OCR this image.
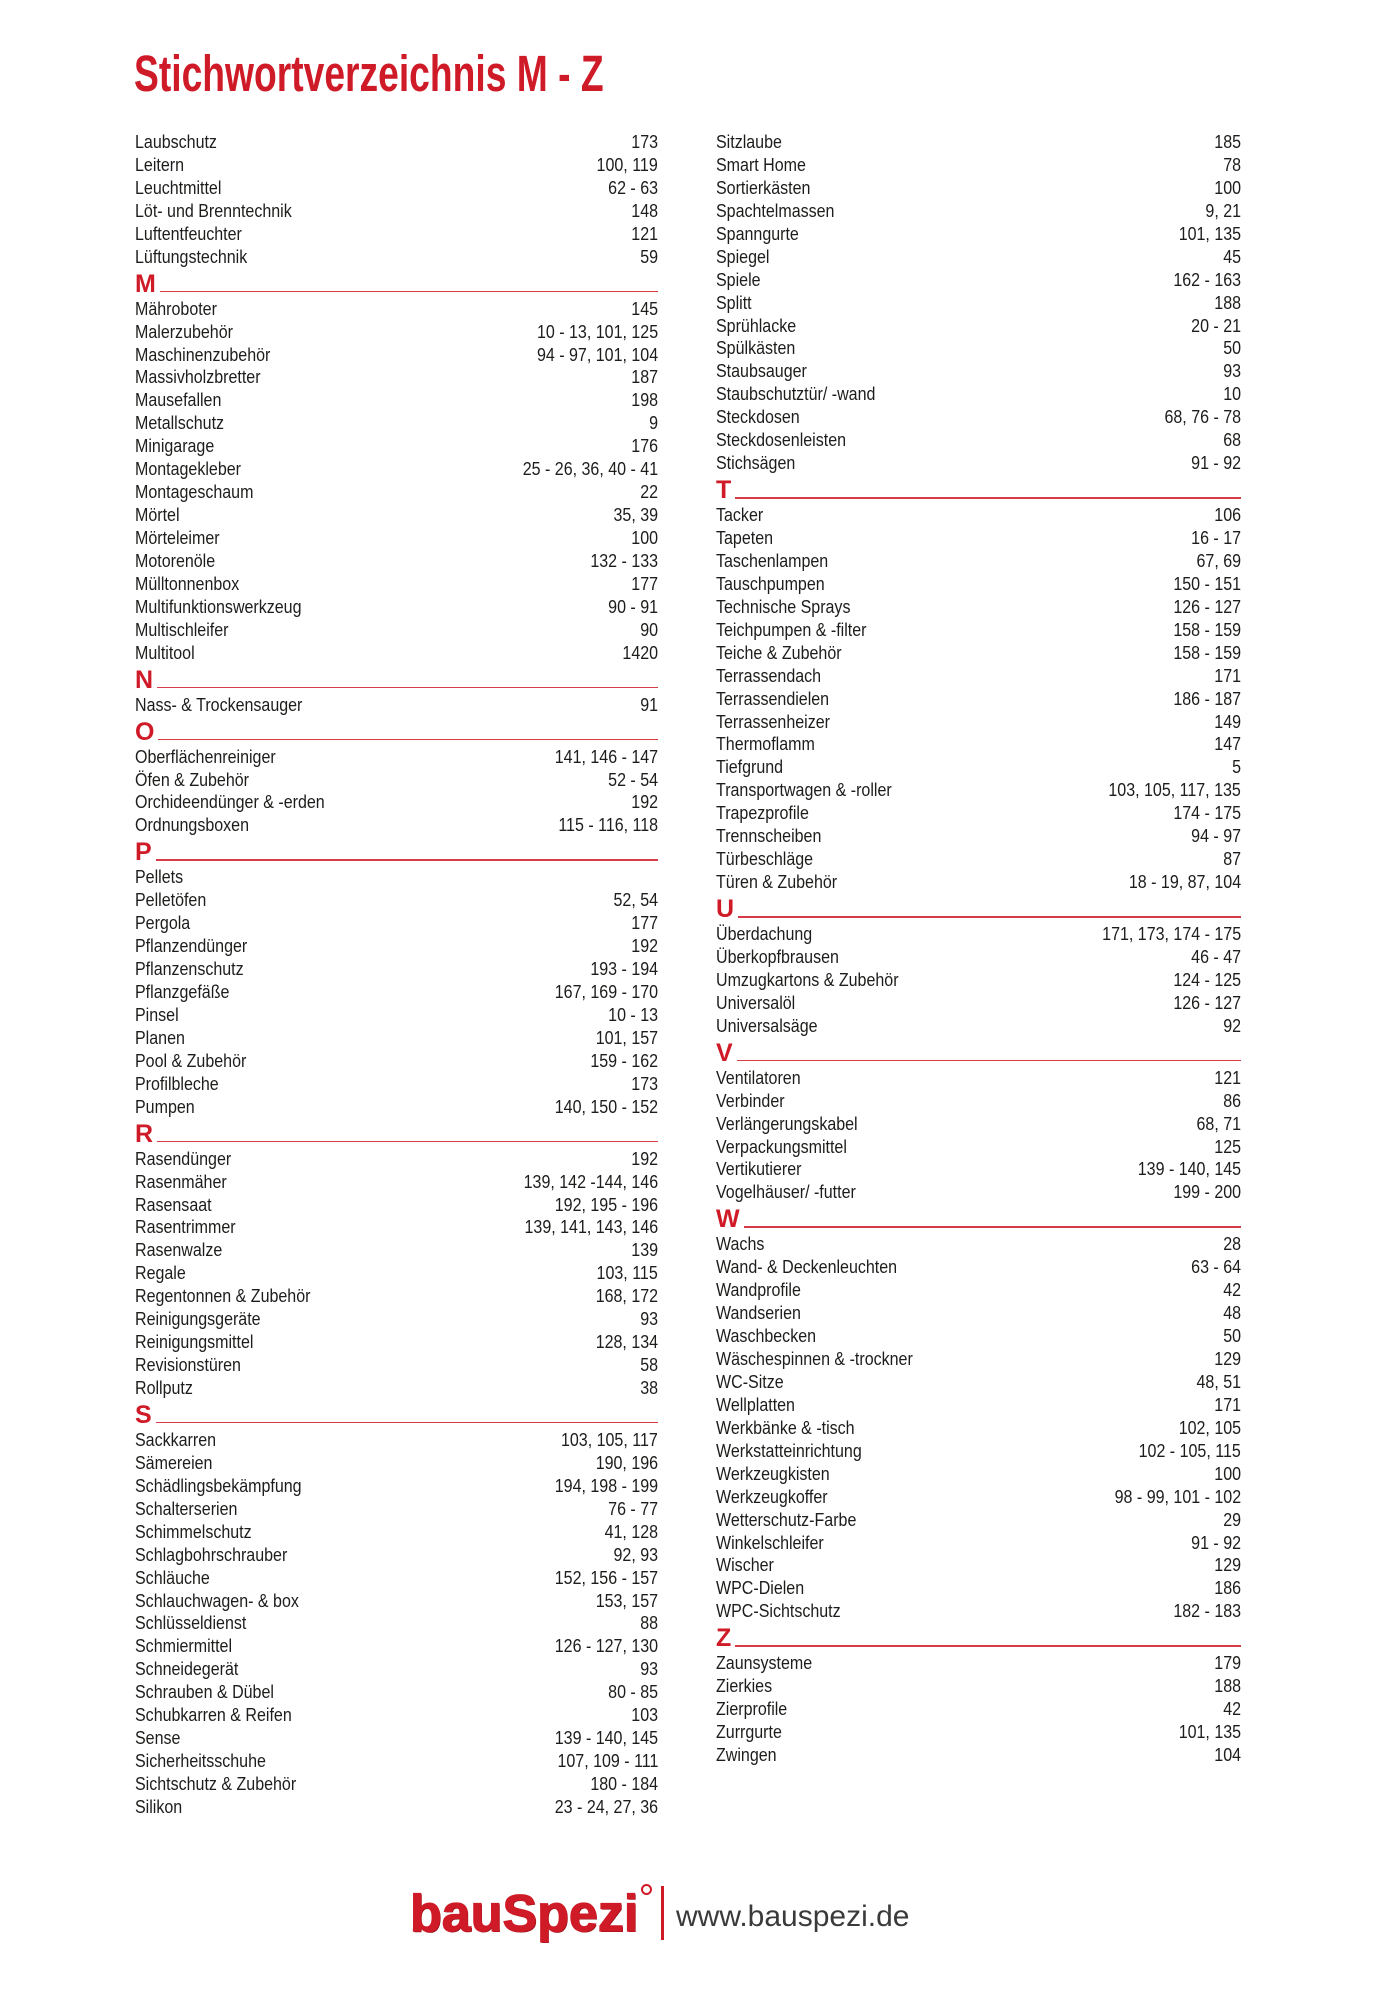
Stichwortverzeichnis M - Z
Laubschutz	173
Leitern	100, 119
Leuchtmittel	62 - 63
Löt- und Brenntechnik	148
Luftentfeuchter	121
Lüftungstechnik	59
M
Mähroboter	145
Malerzubehör	10 - 13, 101, 125
Maschinenzubehör	94 - 97, 101, 104
Massivholzbretter	187
Mausefallen	198
Metallschutz	9
Minigarage	176
Montagekleber	25 - 26, 36, 40 - 41
Montageschaum	22
Mörtel	35, 39
Mörteleimer	100
Motorenöle	132 - 133
Mülltonnenbox	177
Multifunktionswerkzeug	90 - 91
Multischleifer	90
Multitool	1420
N
Nass- & Trockensauger	91
O
Oberflächenreiniger	141, 146 - 147
Öfen & Zubehör	52 - 54
Orchideendünger & -erden	192
Ordnungsboxen	115 - 116, 118
P
Pellets
Pelletöfen	52, 54
Pergola	177
Pflanzendünger	192
Pflanzenschutz	193 - 194
Pflanzgefäße	167, 169 - 170
Pinsel	10 - 13
Planen	101, 157
Pool & Zubehör	159 - 162
Profilbleche	173
Pumpen	140, 150 - 152
R
Rasendünger	192
Rasenmäher	139, 142 -144, 146
Rasensaat	192, 195 - 196
Rasentrimmer	139, 141, 143, 146
Rasenwalze	139
Regale	103, 115
Regentonnen & Zubehör	168, 172
Reinigungsgeräte	93
Reinigungsmittel	128, 134
Revisionstüren	58
Rollputz	38
S
Sackkarren	103, 105, 117
Sämereien	190, 196
Schädlingsbekämpfung	194, 198 - 199
Schalterserien	76 - 77
Schimmelschutz	41, 128
Schlagbohrschrauber	92, 93
Schläuche	152, 156 - 157
Schlauchwagen- & box	153, 157
Schlüsseldienst	88
Schmiermittel	126 - 127, 130
Schneidegerät	93
Schrauben & Dübel	80 - 85
Schubkarren & Reifen	103
Sense	139 - 140, 145
Sicherheitsschuhe	107, 109 - 111
Sichtschutz & Zubehör	180 - 184
Silikon	23 - 24, 27, 36
Sitzlaube	185
Smart Home	78
Sortierkästen	100
Spachtelmassen	9, 21
Spanngurte	101, 135
Spiegel	45
Spiele	162 - 163
Splitt	188
Sprühlacke	20 - 21
Spülkästen	50
Staubsauger	93
Staubschutztür/ -wand	10
Steckdosen	68, 76 - 78
Steckdosenleisten	68
Stichsägen	91 - 92
T
Tacker	106
Tapeten	16 - 17
Taschenlampen	67, 69
Tauschpumpen	150 - 151
Technische Sprays	126 - 127
Teichpumpen & -filter	158 - 159
Teiche & Zubehör	158 - 159
Terrassendach	171
Terrassendielen	186 - 187
Terrassenheizer	149
Thermoflamm	147
Tiefgrund	5
Transportwagen & -roller	103, 105, 117, 135
Trapezprofile	174 - 175
Trennscheiben	94 - 97
Türbeschläge	87
Türen & Zubehör	18 - 19, 87, 104
U
Überdachung	171, 173, 174 - 175
Überkopfbrausen	46 - 47
Umzugkartons & Zubehör	124 - 125
Universalöl	126 - 127
Universalsäge	92
V
Ventilatoren	121
Verbinder	86
Verlängerungskabel	68, 71
Verpackungsmittel	125
Vertikutierer	139 - 140, 145
Vogelhäuser/ -futter	199 - 200
W
Wachs	28
Wand- & Deckenleuchten	63 - 64
Wandprofile	42
Wandserien	48
Waschbecken	50
Wäschespinnen & -trockner	129
WC-Sitze	48, 51
Wellplatten	171
Werkbänke & -tisch	102, 105
Werkstatteinrichtung	102 - 105, 115
Werkzeugkisten	100
Werkzeugkoffer	98 - 99, 101 - 102
Wetterschutz-Farbe	29
Winkelschleifer	91 - 92
Wischer	129
WPC-Dielen	186
WPC-Sichtschutz	182 - 183
Z
Zaunsysteme	179
Zierkies	188
Zierprofile	42
Zurrgurte	101, 135
Zwingen	104
bauSpezi www.bauspezi.de
